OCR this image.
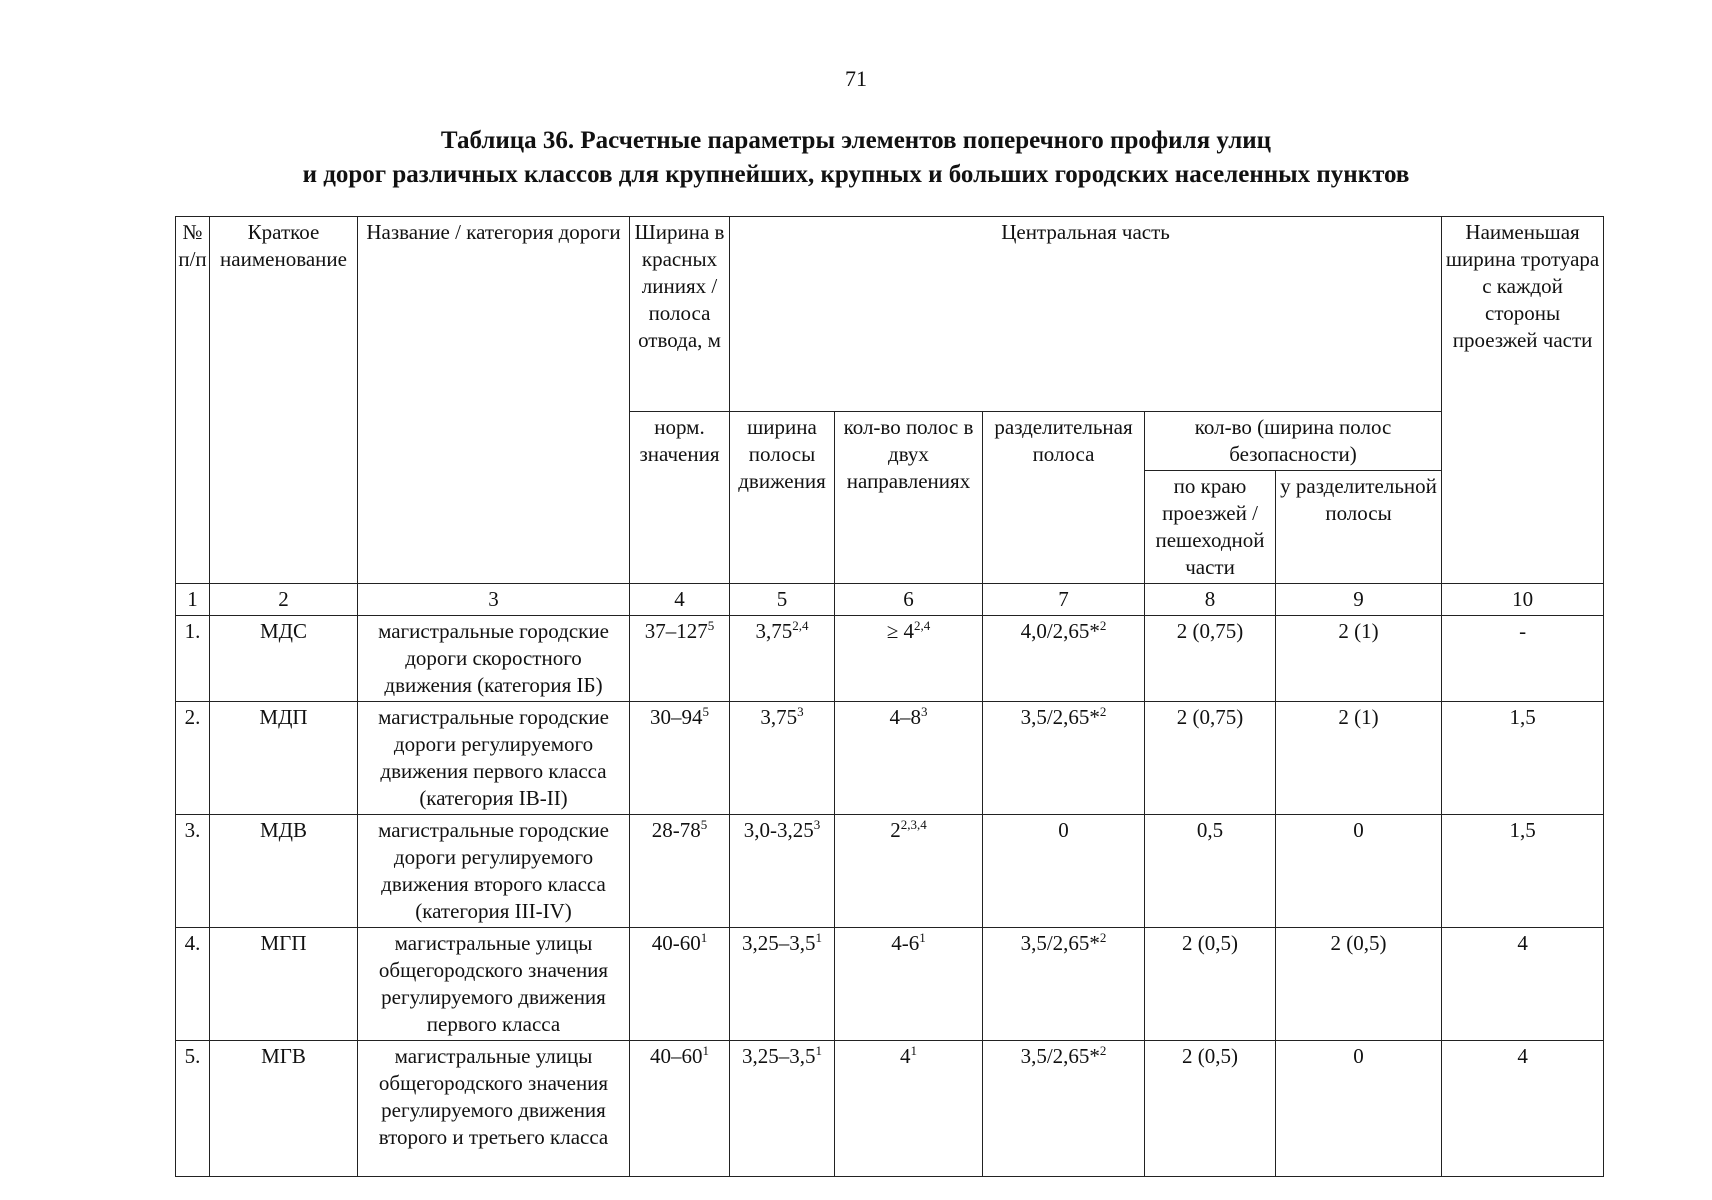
71
Таблица 36. Расчетные параметры элементов поперечного профиля улиц
и дорог различных классов для крупнейших, крупных и больших городских населенных пунктов
№ п/п	Краткое наименование	Название / категория дороги	Ширина в красных линиях / полоса отвода, м	Центральная часть					Наименьшая ширина тротуара с каждой стороны проезжей части
			норм. значения	ширина полосы движения	кол-во полос в двух направлениях	разделительная полоса	кол-во (ширина полос безопасности)		
							по краю проезжей / пешеходной части	у разделительной полосы	
1	2	3	4	5	6	7	8	9	10
1.	МДС	магистральные городские дороги скоростного движения (категория IБ)	$37-127^5$	$3,75^{2,4}$	≥ $4^{2,4}$	4,0/2,65*$^2$	2 (0,75)	2 (1)	-
2.	МДП	магистральные городские дороги регулируемого движения первого класса (категория IВ-II)	$30-94^5$	3,75$^3$	$4-8^3$	3,5/2,65*$^2$	2 (0,75)	2 (1)	1,5
3.	МДВ	магистральные городские дороги регулируемого движения второго класса (категория III-IV)	$28-78^5$	3,0-3,25$^3$	2$^{2,3,4}$	0	0,5	0	1,5
4.	МГП	магистральные улицы общегородского значения регулируемого движения первого класса	$40-60^1$	$3,25-3,5^1$	$4-6^1$	3,5/2,65*$^2$	2 (0,5)	2 (0,5)	4
5.	МГВ	магистральные улицы общегородского значения регулируемого движения второго и третьего класса	$40-60^1$	$3,25-3,5^1$	$4^1$	3,5/2,65*$^2$	2 (0,5)	0	4
